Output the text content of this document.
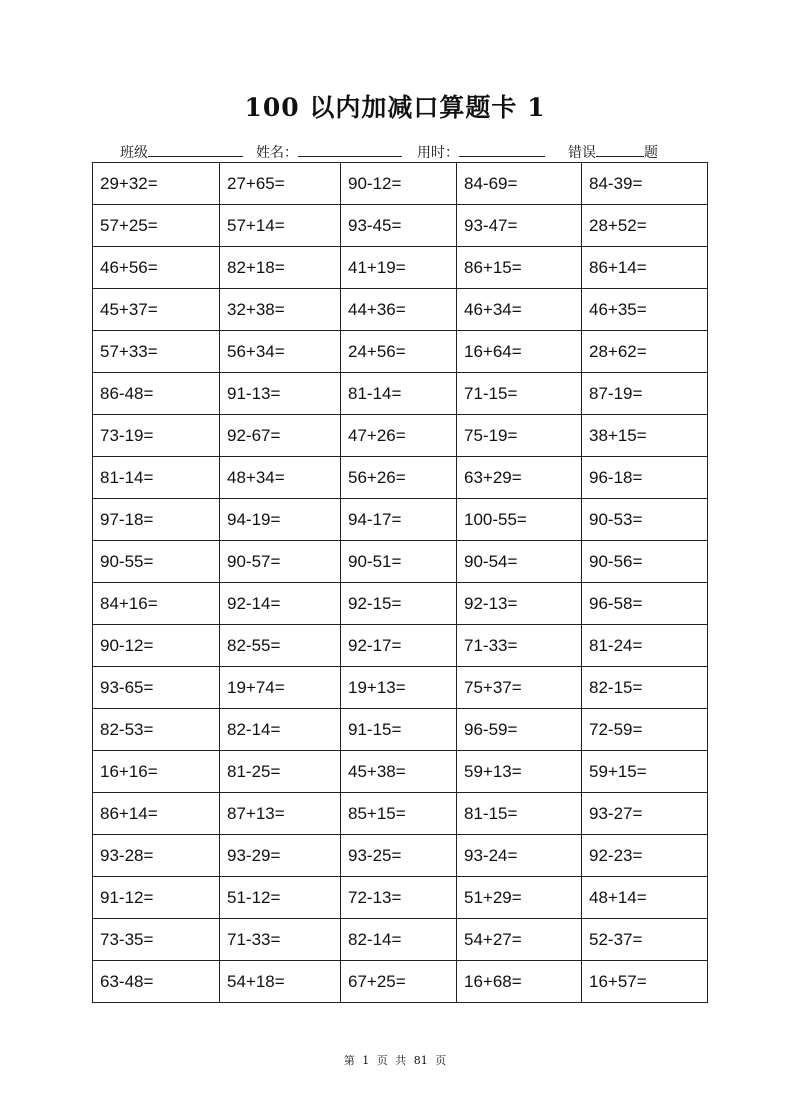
100 以内加减口算题卡 1
班级	姓名：	用时：	错误	题
29+32=	27+65=	90-12=	84-69=	84-39=
57+25=	57+14=	93-45=	93-47=	28+52=
46+56=	82+18=	41+19=	86+15=	86+14=
45+37=	32+38=	44+36=	46+34=	46+35=
57+33=	56+34=	24+56=	16+64=	28+62=
86-48=	91-13=	81-14=	71-15=	87-19=
73-19=	92-67=	47+26=	75-19=	38+15=
81-14=	48+34=	56+26=	63+29=	96-18=
97-18=	94-19=	94-17=	100-55=	90-53=
90-55=	90-57=	90-51=	90-54=	90-56=
84+16=	92-14=	92-15=	92-13=	96-58=
90-12=	82-55=	92-17=	71-33=	81-24=
93-65=	19+74=	19+13=	75+37=	82-15=
82-53=	82-14=	91-15=	96-59=	72-59=
16+16=	81-25=	45+38=	59+13=	59+15=
86+14=	87+13=	85+15=	81-15=	93-27=
93-28=	93-29=	93-25=	93-24=	92-23=
91-12=	51-12=	72-13=	51+29=	48+14=
73-35=	71-33=	82-14=	54+27=	52-37=
63-48=	54+18=	67+25=	16+68=	16+57=
第 1 页 共 81 页
